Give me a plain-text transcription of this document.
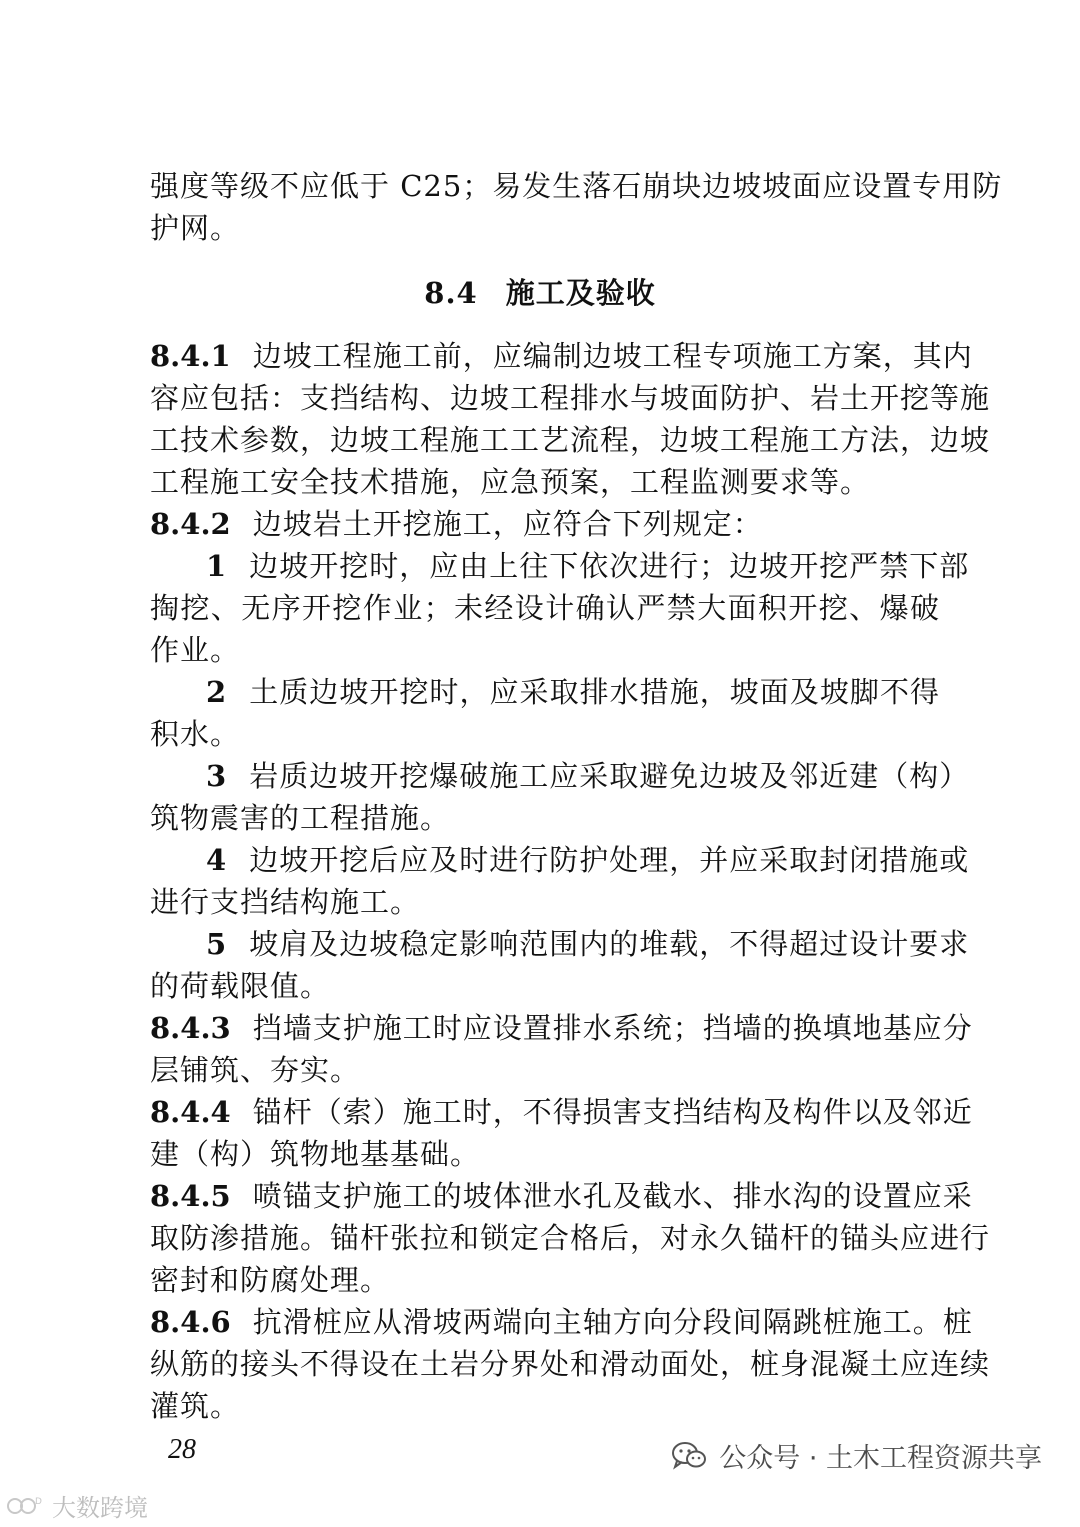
强度等级不应低于 C25；易发生落石崩块边坡坡面应设置专用防
护网。
8.4 施工及验收
8.4.1 边坡工程施工前，应编制边坡工程专项施工方案，其内
容应包括：支挡结构、边坡工程排水与坡面防护、岩土开挖等施
工技术参数，边坡工程施工工艺流程，边坡工程施工方法，边坡
工程施工安全技术措施，应急预案，工程监测要求等。
8.4.2 边坡岩土开挖施工，应符合下列规定：
1 边坡开挖时，应由上往下依次进行；边坡开挖严禁下部
掏挖、无序开挖作业；未经设计确认严禁大面积开挖、爆破
作业。
2 土质边坡开挖时，应采取排水措施，坡面及坡脚不得
积水。
3 岩质边坡开挖爆破施工应采取避免边坡及邻近建（构）
筑物震害的工程措施。
4 边坡开挖后应及时进行防护处理，并应采取封闭措施或
进行支挡结构施工。
5 坡肩及边坡稳定影响范围内的堆载，不得超过设计要求
的荷载限值。
8.4.3 挡墙支护施工时应设置排水系统；挡墙的换填地基应分
层铺筑、夯实。
8.4.4 锚杆（索）施工时，不得损害支挡结构及构件以及邻近
建（构）筑物地基基础。
8.4.5 喷锚支护施工的坡体泄水孔及截水、排水沟的设置应采
取防渗措施。锚杆张拉和锁定合格后，对永久锚杆的锚头应进行
密封和防腐处理。
8.4.6 抗滑桩应从滑坡两端向主轴方向分段间隔跳桩施工。桩
纵筋的接头不得设在土岩分界处和滑动面处，桩身混凝土应连续
灌筑。
28	公众号 · 土木工程资源共享
D 大数跨境
